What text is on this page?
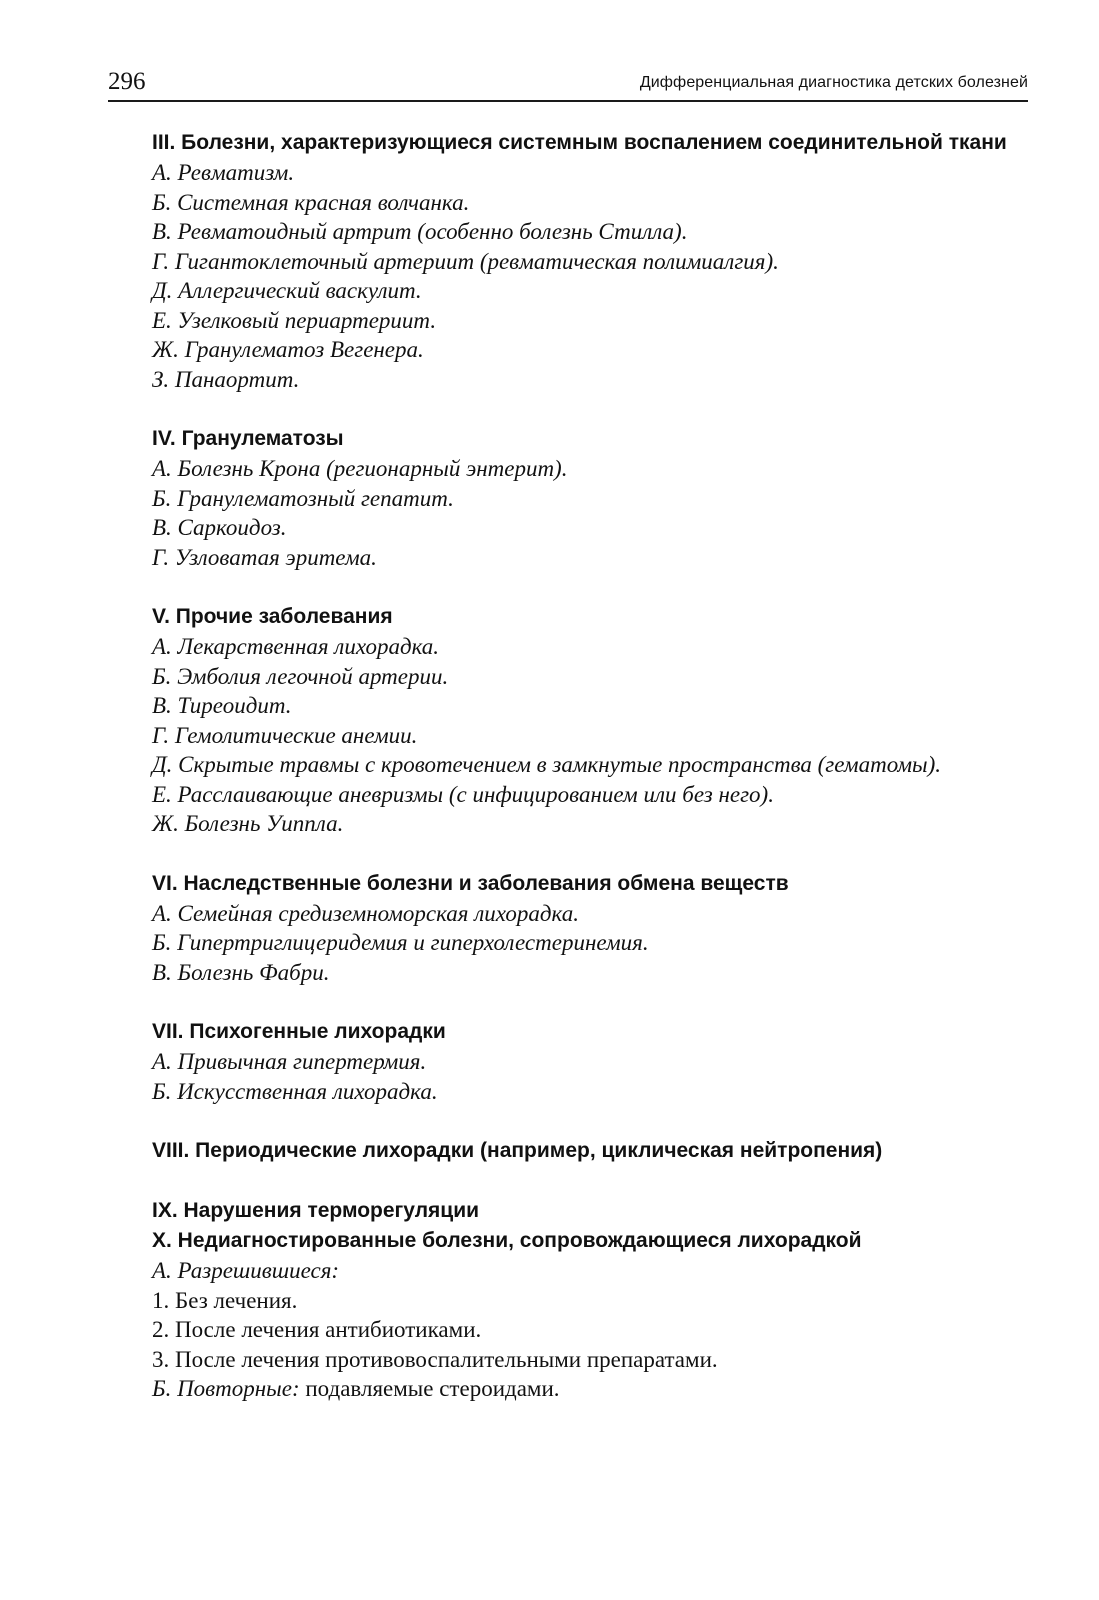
296	Дифференциальная диагностика детских болезней

III. Болезни, характеризующиеся системным воспалением соединительной ткани

А. Ревматизм.

Б. Системная красная волчанка.

В. Ревматоидный артрит (особенно болезнь Стилла).

Г. Гигантоклеточный артериит (ревматическая полимиалгия).

Д. Аллергический васкулит.

Е. Узелковый периартериит.

Ж. Гранулематоз Вегенера.

З. Панаортит.

IV. Гранулематозы

А. Болезнь Крона (регионарный энтерит).

Б. Гранулематозный гепатит.

В. Саркоидоз.

Г. Узловатая эритема.

V. Прочие заболевания

А. Лекарственная лихорадка.

Б. Эмболия легочной артерии.

В. Тиреоидит.

Г. Гемолитические анемии.

Д. Скрытые травмы с кровотечением в замкнутые пространства (гематомы).

Е. Расслаивающие аневризмы (с инфицированием или без него).

Ж. Болезнь Уиппла.

VI. Наследственные болезни и заболевания обмена веществ

А. Семейная средиземноморская лихорадка.

Б. Гипертриглицеридемия и гиперхолестеринемия.

В. Болезнь Фабри.

VII. Психогенные лихорадки

А. Привычная гипертермия.

Б. Искусственная лихорадка.

VIII. Периодические лихорадки (например, циклическая нейтропения)

IX. Нарушения терморегуляции

X. Недиагностированные болезни, сопровождающиеся лихорадкой

А. Разрешившиеся:

1. Без лечения.

2. После лечения антибиотиками.

3. После лечения противовоспалительными препаратами.

Б. Повторные: подавляемые стероидами.
